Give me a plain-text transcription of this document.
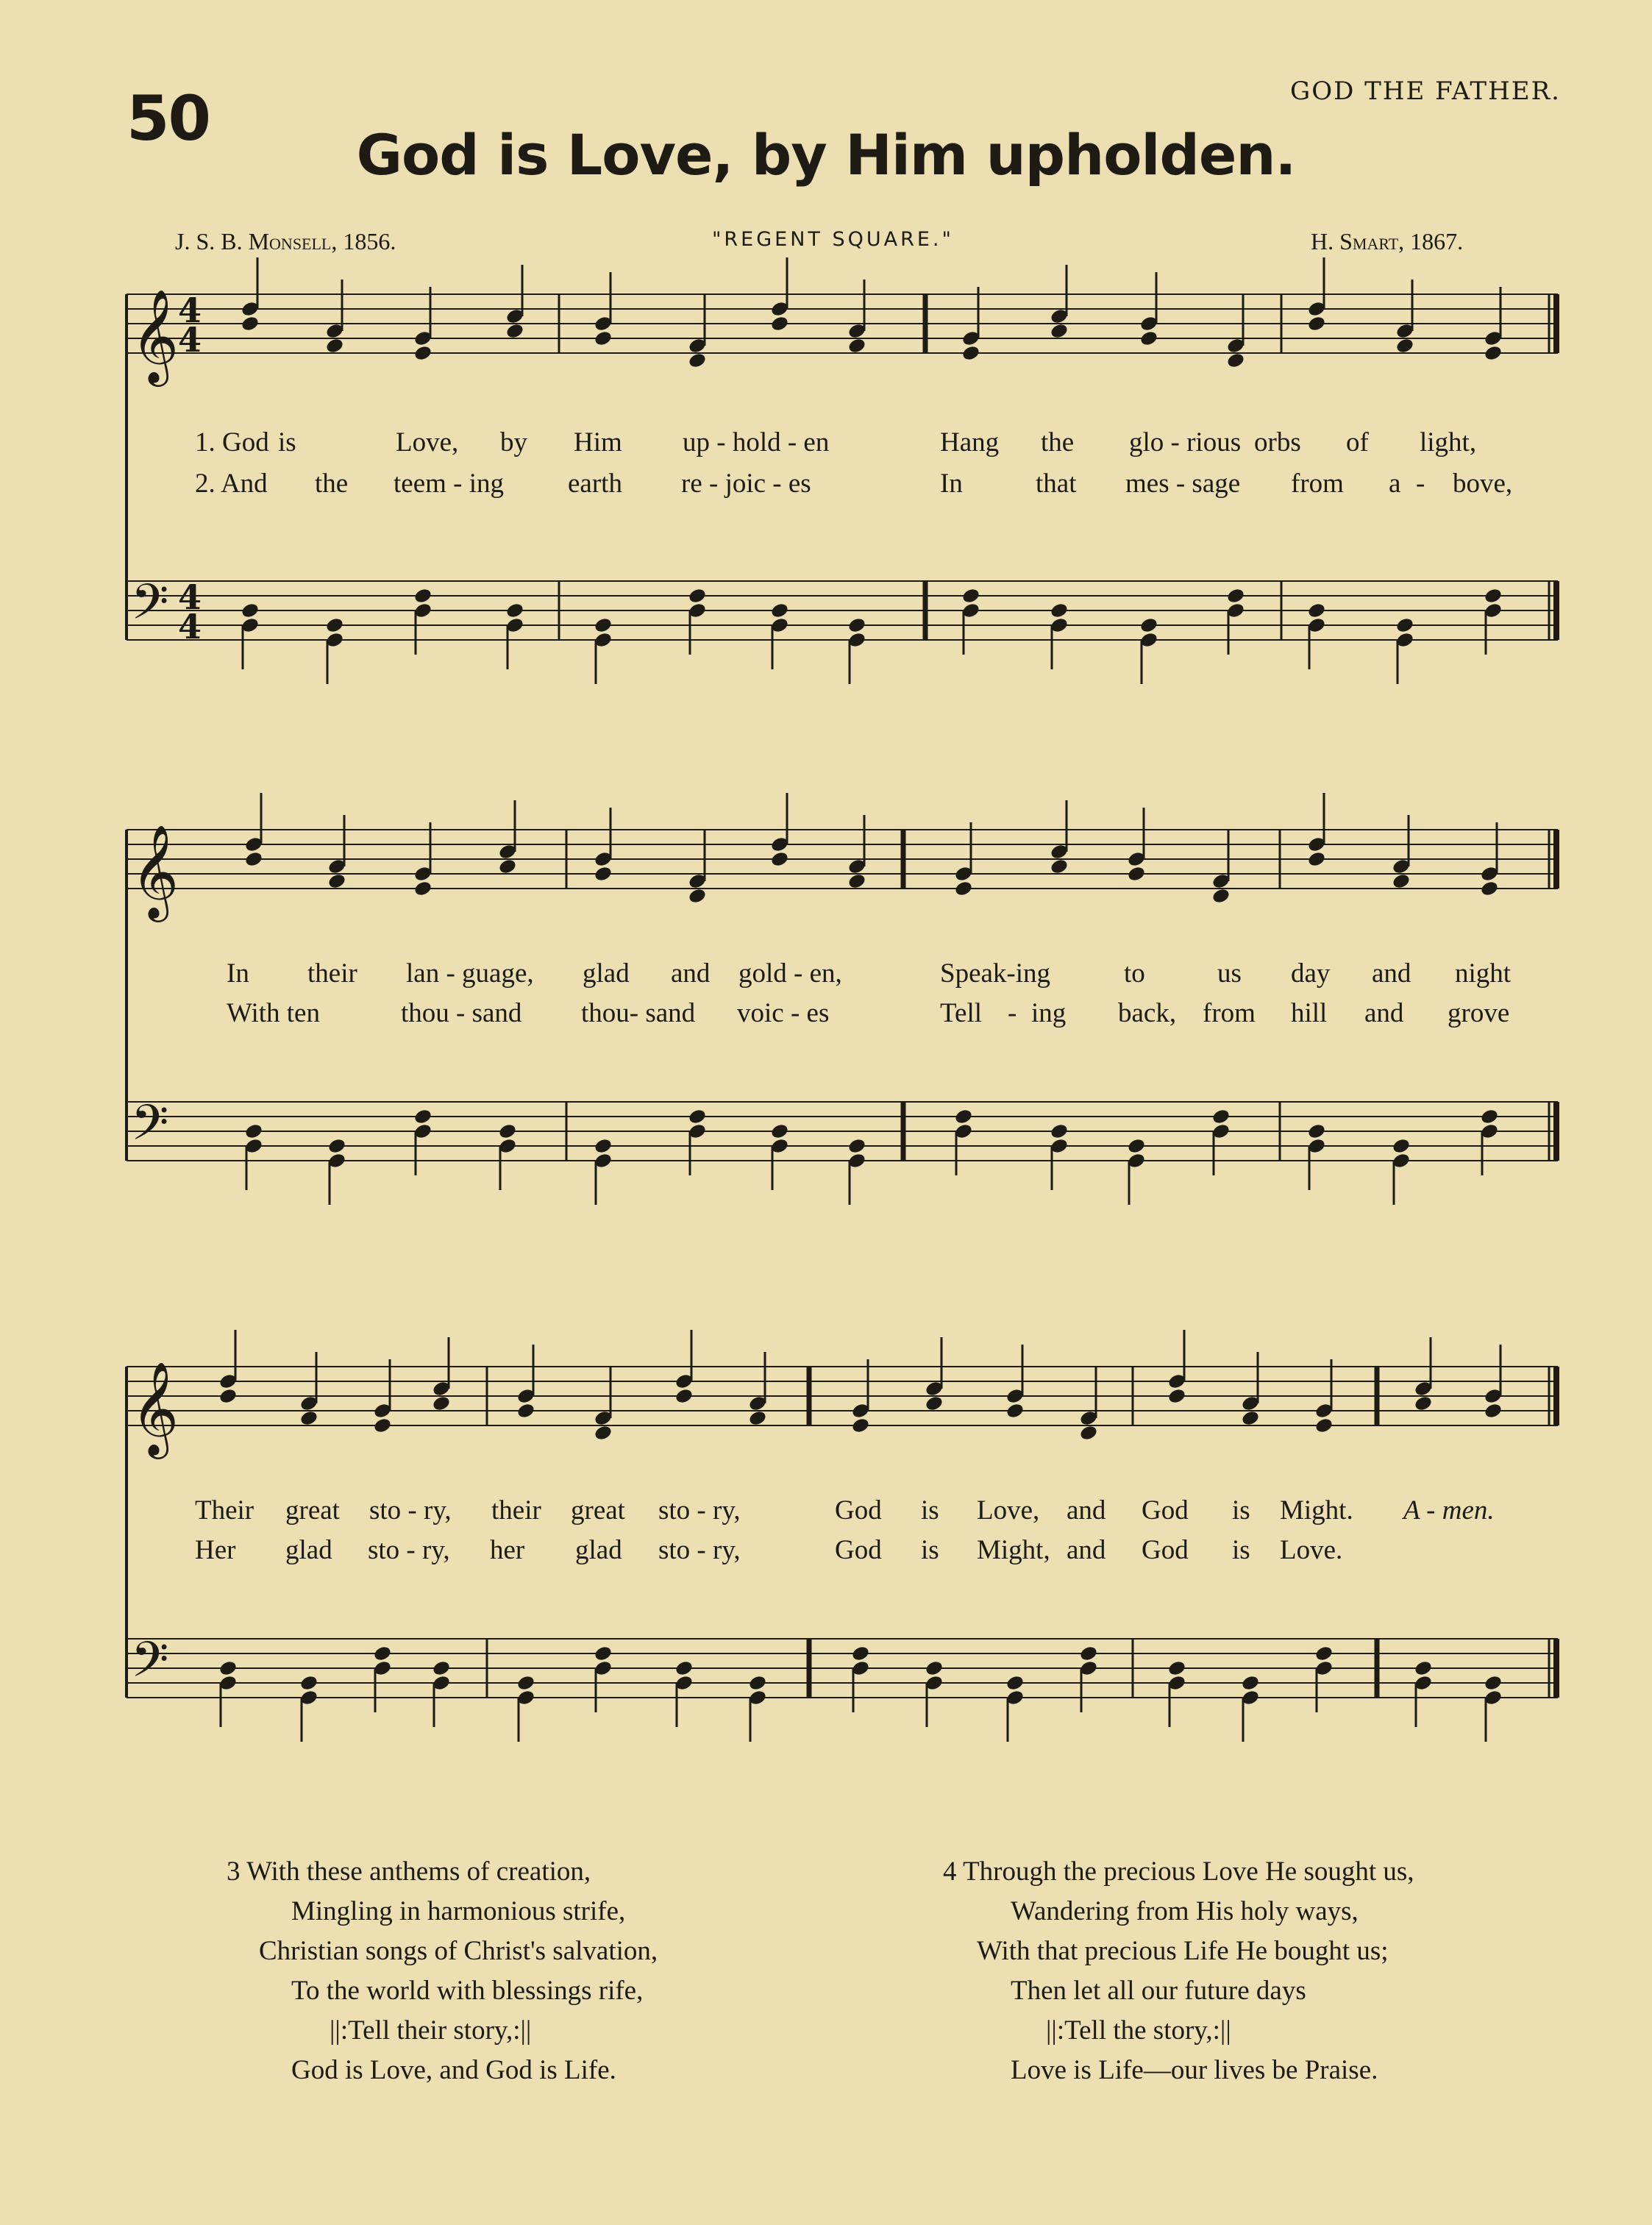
50	GOD THE FATHER.
God is Love, by Him upholden.
J. S. B. Monsell, 1856.	"REGENT SQUARE."	H. Smart, 1867.
𝄞
4
4
𝄢 4
4
𝄞
𝄢
𝄞
𝄢
1. God is	Love, by Him up - hold - en	Hang the glo - rious orbs of light,
2. And the teem - ing earth re - joic - es	In	that mes - sage from a - bove,
In their lan - guage, glad and gold - en,	Speak-ing	to	us day and night
With ten	thou - sand thou- sand voic - es	Tell - ing back, from hill and grove
Their great sto - ry, their great sto - ry,	God is Love, and God is Might. A - men.
Her glad sto - ry, her glad sto - ry,	God is Might, and God is Love.
3 With these anthems of creation,
Mingling in harmonious strife,
Christian songs of Christ's salvation,
To the world with blessings rife,
||:Tell their story,:||
God is Love, and God is Life.
4 Through the precious Love He sought us,
Wandering from His holy ways,
With that precious Life He bought us;
Then let all our future days
||:Tell the story,:||
Love is Life—our lives be Praise.
